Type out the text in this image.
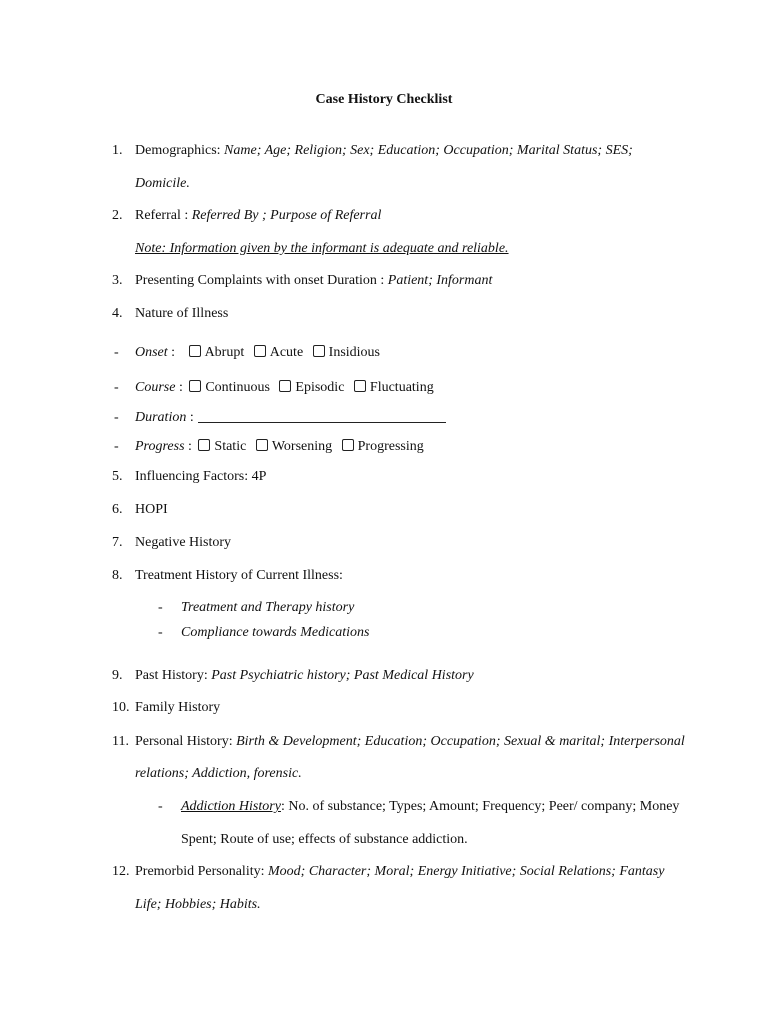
Case History Checklist
1. Demographics: Name; Age; Religion; Sex; Education; Occupation; Marital Status; SES;
Domicile.
2. Referral : Referred By ; Purpose of Referral
Note: Information given by the informant is adequate and reliable.
3. Presenting Complaints with onset Duration : Patient; Informant
4. Nature of Illness
- Onset : Abrupt Acute Insidious
- Course : Continuous Episodic Fluctuating
- Duration :
- Progress : Static Worsening Progressing
5. Influencing Factors: 4P
6. HOPI
7. Negative History
8. Treatment History of Current Illness:
- Treatment and Therapy history
- Compliance towards Medications
9. Past History: Past Psychiatric history; Past Medical History
10. Family History
11. Personal History: Birth & Development; Education; Occupation; Sexual & marital; Interpersonal
relations; Addiction, forensic.
- Addiction History: No. of substance; Types; Amount; Frequency; Peer/ company; Money
Spent; Route of use; effects of substance addiction.
12. Premorbid Personality: Mood; Character; Moral; Energy Initiative; Social Relations; Fantasy
Life; Hobbies; Habits.
